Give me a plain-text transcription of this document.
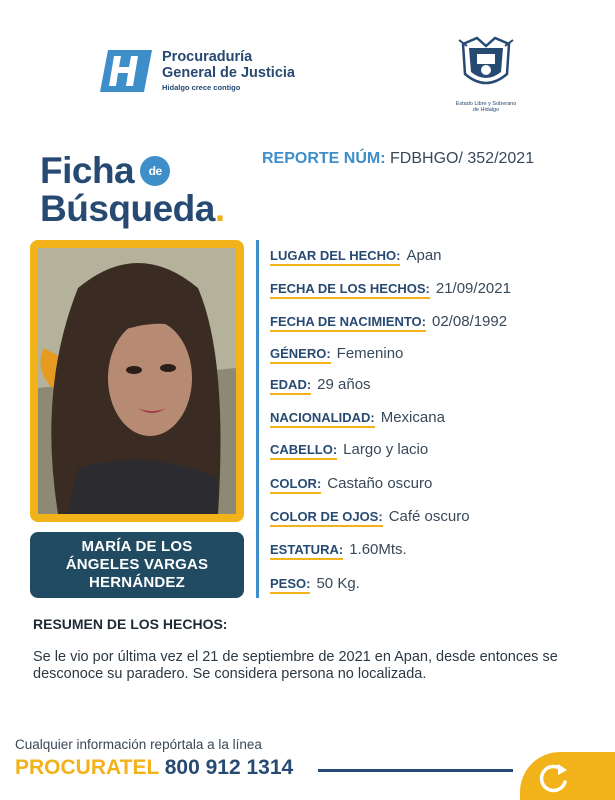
Procuraduría
General de Justicia
Hidalgo crece contigo
Estado Libre y Soberano
de Hidalgo
Ficha	de
Búsqueda.
REPORTE NÚM: FDBHGO/ 352/2021
MARÍA DE LOS
ÁNGELES VARGAS
HERNÁNDEZ
LUGAR DEL HECHO: Apan
FECHA DE LOS HECHOS: 21/09/2021
FECHA DE NACIMIENTO: 02/08/1992
GÉNERO: Femenino
EDAD: 29 años
NACIONALIDAD: Mexicana
CABELLO: Largo y lacio
COLOR: Castaño oscuro
COLOR DE OJOS: Café oscuro
ESTATURA: 1.60Mts.
PESO: 50 Kg.
RESUMEN DE LOS HECHOS:
Se le vio por última vez el 21 de septiembre de 2021 en Apan, desde entonces se desconoce su paradero. Se considera persona no localizada.
Cualquier información repórtala a la línea
PROCURATEL 800 912 1314
